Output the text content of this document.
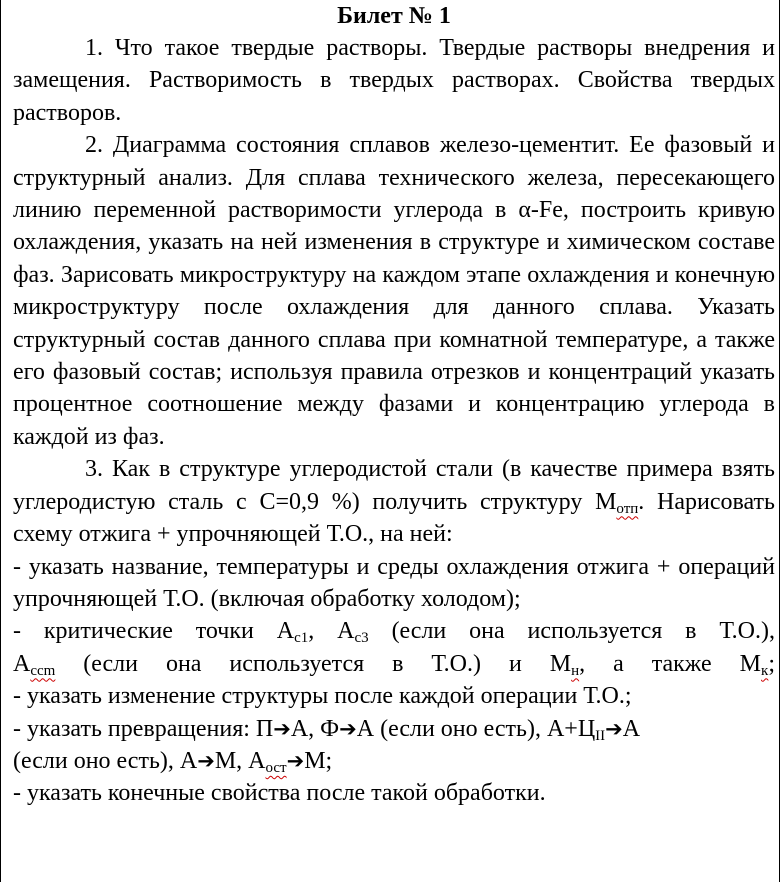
Билет № 1

1. Что такое твердые растворы. Твердые растворы внедрения и замещения. Растворимость в твердых растворах. Свойства твердых растворов.

2. Диаграмма состояния сплавов железо-цементит. Ее фазовый и структурный анализ. Для сплава технического железа, пересекающего линию переменной растворимости углерода в α-Fe, построить кривую охлаждения, указать на ней изменения в структуре и химическом составе фаз. Зарисовать микроструктуру на каждом этапе охлаждения и конечную микроструктуру после охлаждения для данного сплава. Указать структурный состав данного сплава при комнатной температуре, а также его фазовый состав; используя правила отрезков и концентраций указать процентное соотношение между фазами и концентрацию углерода в каждой из фаз.

3. Как в структуре углеродистой стали (в качестве примера взять углеродистую сталь с С=0,9 %) получить структуру $М_{отп}$. Нарисовать схему отжига + упрочняющей Т.О., на ней:

- указать название, температуры и среды охлаждения отжига + операций упрочняющей Т.О. (включая обработку холодом);

- критические точки $А_{c1}$, $А_{c3}$ (если она используется в Т.О.),
$А_{ccm}$ (если она используется в Т.О.) и $М_н$, а также $М_к$;

- указать изменение структуры после каждой операции Т.О.;

- указать превращения: П➔А, Ф➔А (если оно есть), $А+Ц_{II}➔А$
(если оно есть), А➔М, $А_{ост}➔М$;

- указать конечные свойства после такой обработки.
